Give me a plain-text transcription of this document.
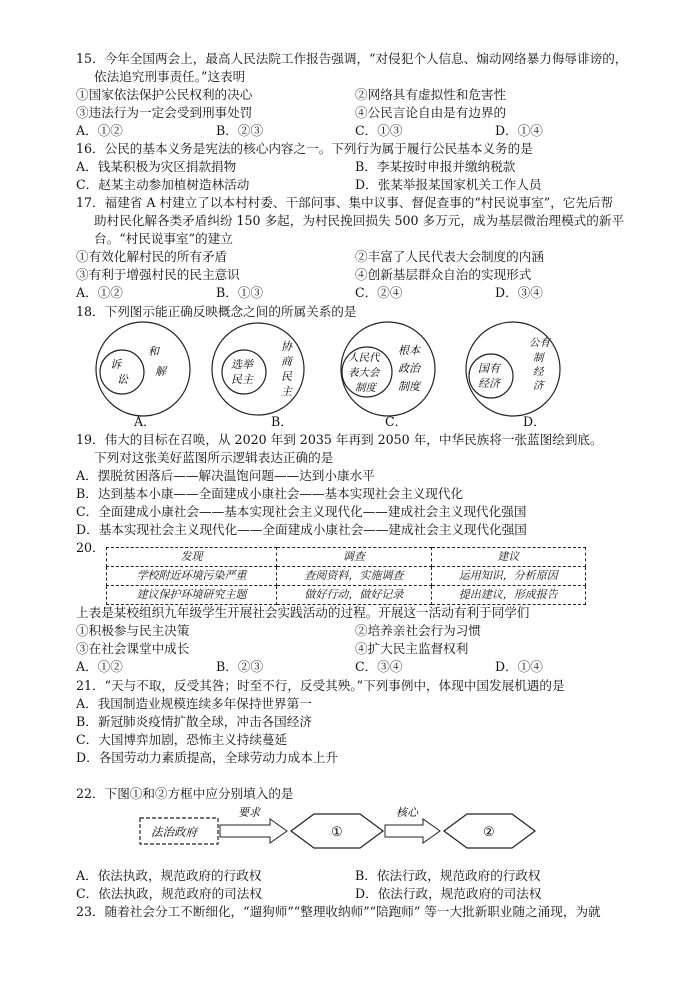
15．今年全国两会上，最高人民法院工作报告强调，“对侵犯个人信息、煽动网络暴力侮辱诽谤的，
依法追究刑事责任。”这表明
①国家依法保护公民权利的决心	②网络具有虚拟性和危害性
③违法行为一定会受到刑事处罚	④公民言论自由是有边界的
A．①②	B．②③	C．①③	D．①④
16．公民的基本义务是宪法的核心内容之一。下列行为属于履行公民基本义务的是
A．钱某积极为灾区捐款捐物	B．李某按时申报并缴纳税款
C．赵某主动参加植树造林活动	D．张某举报某国家机关工作人员
17．福建省 A 村建立了以本村村委、干部问事、集中议事、督促查事的“村民说事室”，它先后帮
助村民化解各类矛盾纠纷 150 多起，为村民挽回损失 500 多万元，成为基层微治理模式的新平
台。“村民说事室”的建立
①有效化解村民的所有矛盾	②丰富了人民代表大会制度的内涵
③有利于增强村民的民主意识	④创新基层群众自治的实现形式
A．①②	B．①③	C．②④	D．③④
18．下列图示能正确反映概念之间的所属关系的是
诉
讼
和
解
选举
民主
协
商
民
主
人民代
表大会
制度
根本
政治
制度
国有
经济
公有
制
经
济
A．	B．	C．	D．
19．伟大的目标在召唤，从 2020 年到 2035 年再到 2050 年，中华民族将一张蓝图绘到底。
下列对这张美好蓝图所示逻辑表达正确的是
A．摆脱贫困落后——解决温饱问题——达到小康水平
B．达到基本小康——全面建成小康社会——基本实现社会主义现代化
C．全面建成小康社会——基本实现社会主义现代化——建成社会主义现代化强国
D．基本实现社会主义现代化——全面建成小康社会——建成社会主义现代化强国
20．
发现	调查	建议
学校附近环境污染严重	查阅资料，实施调查	运用知识，分析原因
建议保护环境研究主题	做好行动，做好记录	提出建议，形成报告
上表是某校组织九年级学生开展社会实践活动的过程。开展这一活动有利于同学们
①积极参与民主决策	②培养亲社会行为习惯
③在社会课堂中成长	④扩大民主监督权利
A．①②	B．②③	C．③④	D．①④
21．“天与不取，反受其咎；时至不行，反受其殃。”下列事例中，体现中国发展机遇的是
A．我国制造业规模连续多年保持世界第一
B．新冠肺炎疫情扩散全球，冲击各国经济
C．大国博弈加剧，恐怖主义持续蔓延
D．各国劳动力素质提高，全球劳动力成本上升
22．下图①和②方框中应分别填入的是
法治政府
要求
①
核心
②
A．依法执政，规范政府的行政权	B．依法行政，规范政府的行政权
C．依法执政，规范政府的司法权	D．依法行政，规范政府的司法权
23．随着社会分工不断细化，“遛狗师”“整理收纳师”“陪跑师” 等一大批新职业随之涌现，为就
